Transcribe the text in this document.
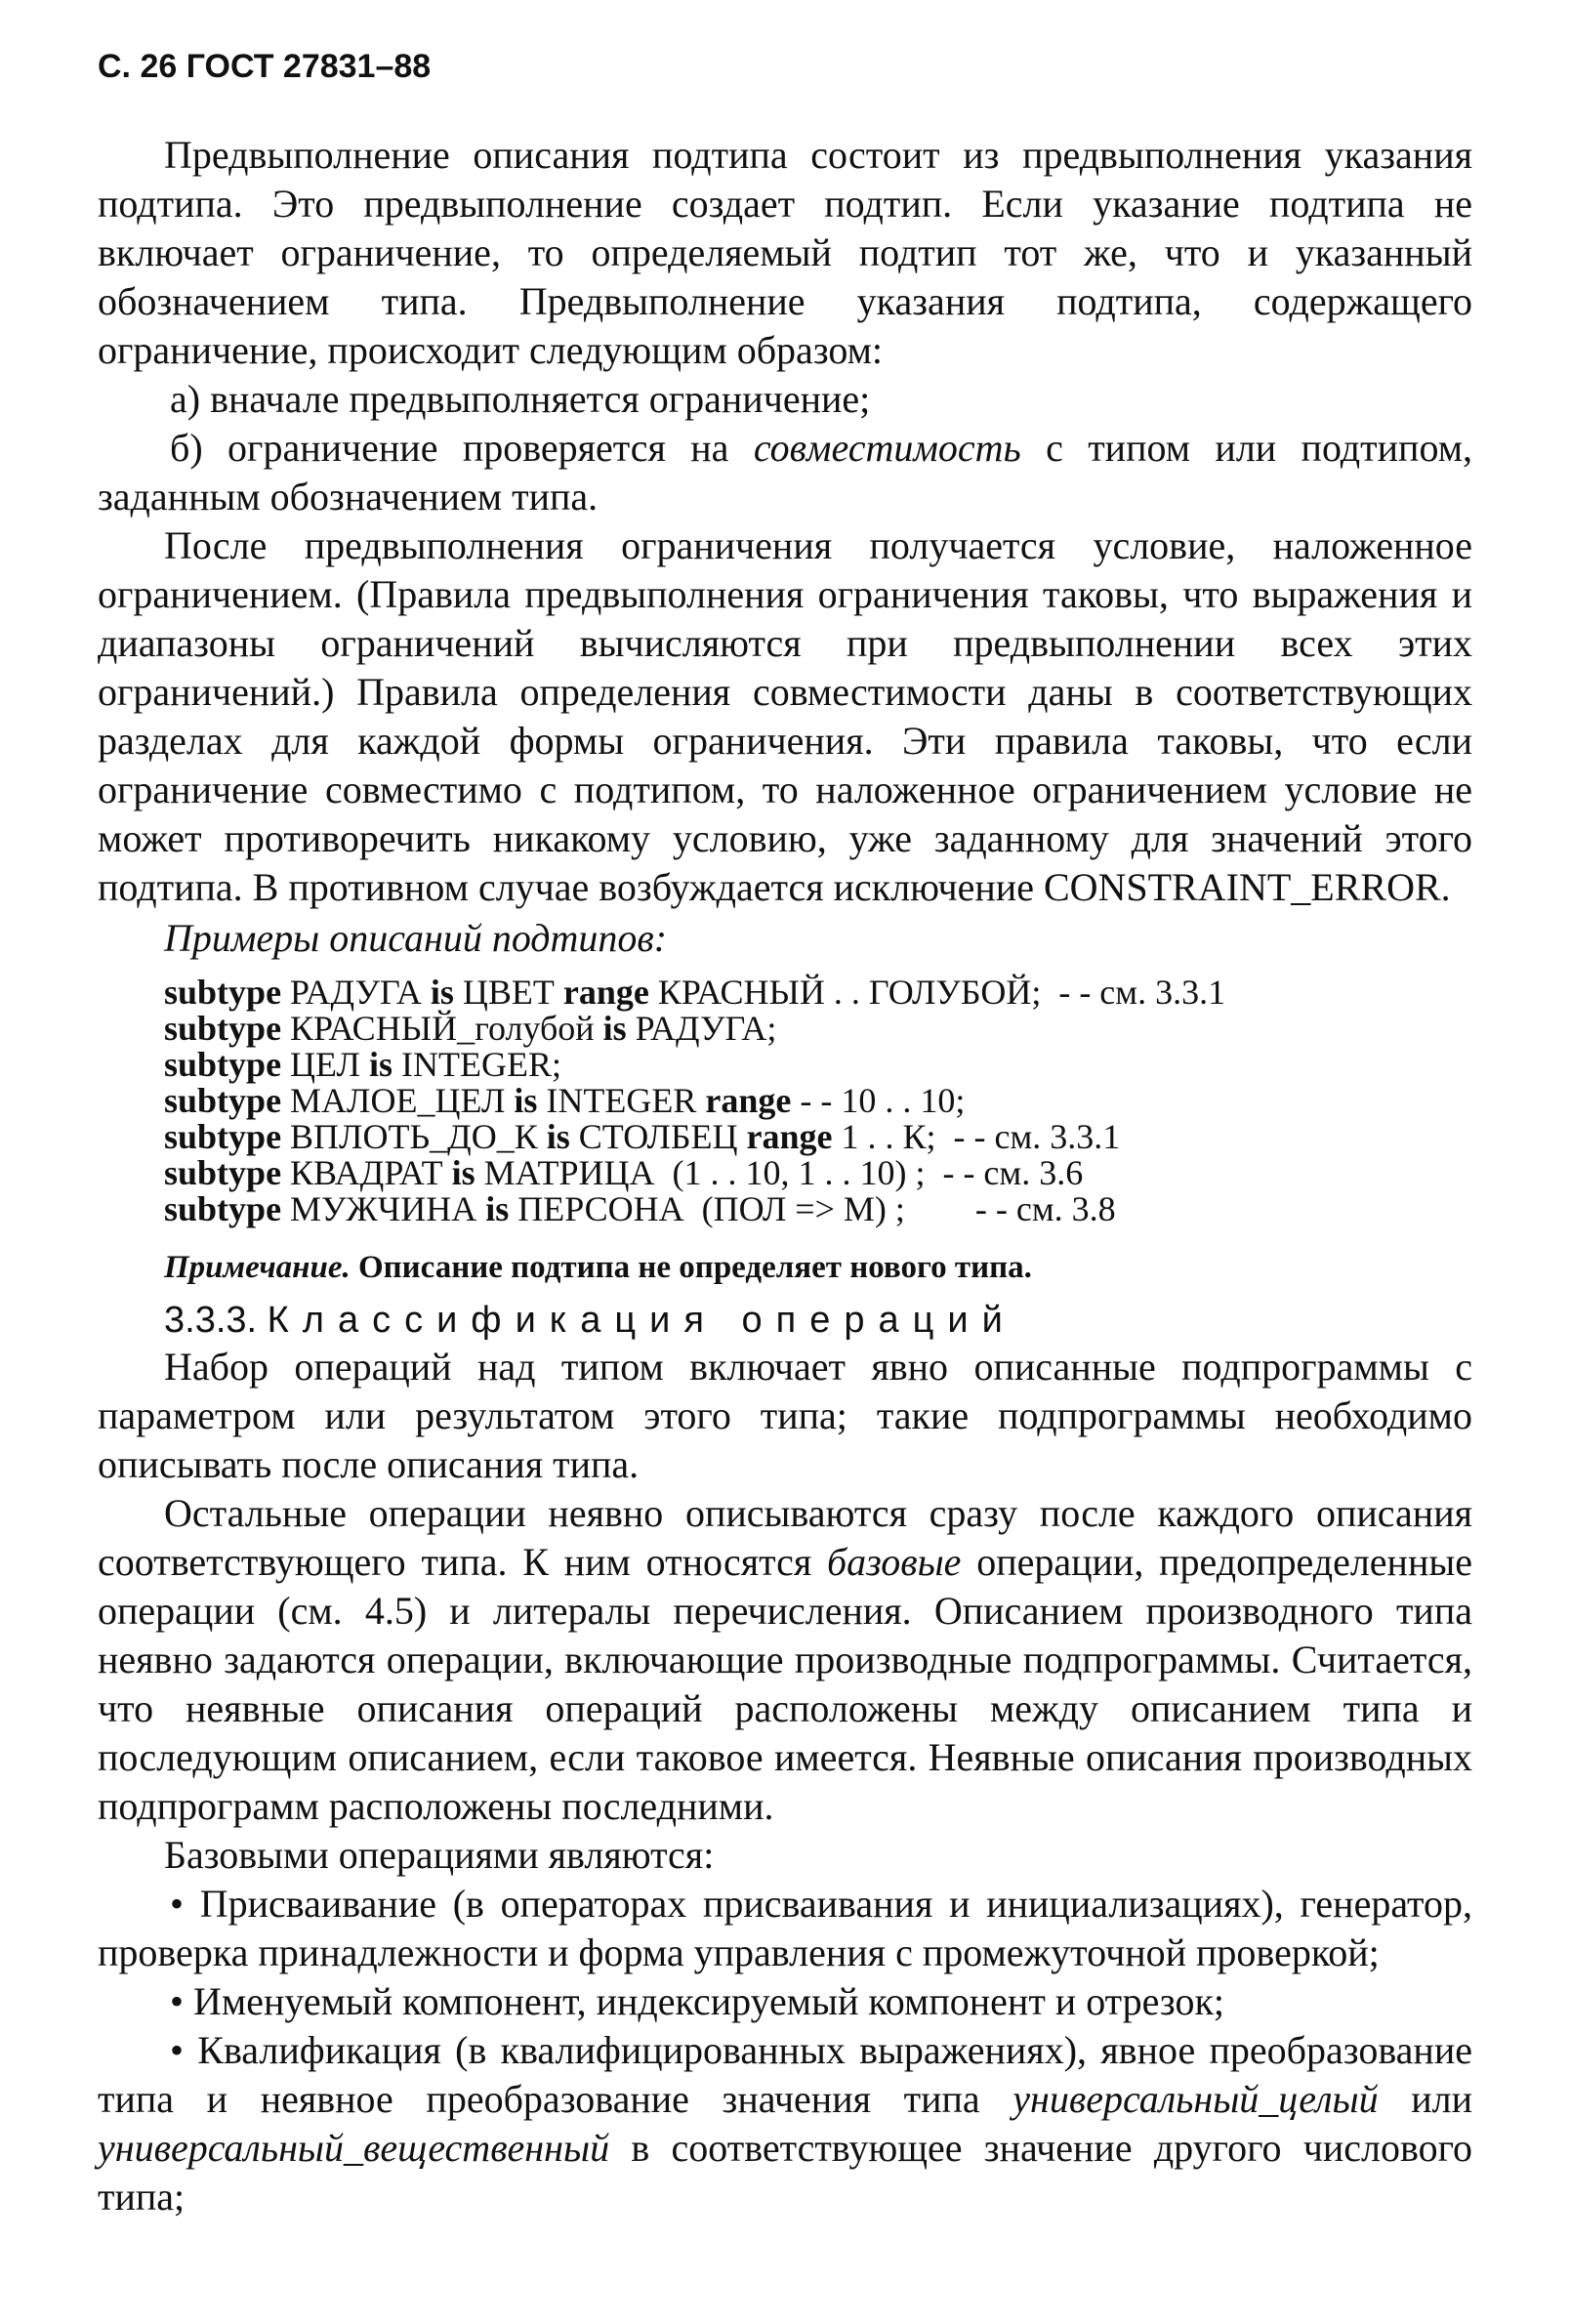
С. 26 ГОСТ 27831–88

Предвыполнение описания подтипа состоит из предвыполнения указания подтипа. Это предвыполнение создает подтип. Если указание подтипа не включает ограничение, то определяемый подтип тот же, что и указанный обозначением типа. Предвыполнение указания подтипа, содержащего ограничение, происходит следующим образом:

а) вначале предвыполняется ограничение;

б) ограничение проверяется на совместимость с типом или подтипом, заданным обозначением типа.

После предвыполнения ограничения получается условие, наложенное ограничением. (Правила предвыполнения ограничения таковы, что выражения и диапазоны ограничений вычисляются при предвыполнении всех этих ограничений.) Правила определения совместимости даны в соответствующих разделах для каждой формы ограничения. Эти правила таковы, что если ограничение совместимо с подтипом, то наложенное ограничением условие не может противоречить никакому условию, уже заданному для значений этого подтипа. В противном случае возбуждается исключение CONSTRAINT_ERROR.

Примеры описаний подтипов:

subtype РАДУГА is ЦВЕТ range КРАСНЫЙ . . ГОЛУБОЙ;  - - см. 3.3.1
subtype КРАСНЫЙ_голубой is РАДУГА;
subtype ЦЕЛ is INTEGER;
subtype МАЛОЕ_ЦЕЛ is INTEGER range - - 10 . . 10;
subtype ВПЛОТЬ_ДО_К is СТОЛБЕЦ range 1 . . К;  - - см. 3.3.1
subtype КВАДРАТ is МАТРИЦА  (1 . . 10, 1 . . 10) ;  - - см. 3.6
subtype МУЖЧИНА is ПЕРСОНА  (ПОЛ => М) ;        - - см. 3.8

Примечание. Описание подтипа не определяет нового типа.

3.3.3. Классификация операций

Набор операций над типом включает явно описанные подпрограммы с параметром или результатом этого типа; такие подпрограммы необходимо описывать после описания типа.

Остальные операции неявно описываются сразу после каждого описания соответствующего типа. К ним относятся базовые операции, предопределенные операции (см. 4.5) и литералы перечисления. Описанием производного типа неявно задаются операции, включающие производные подпрограммы. Считается, что неявные описания операций расположены между описанием типа и последующим описанием, если таковое имеется. Неявные описания производных подпрограмм расположены последними.

Базовыми операциями являются:

• Присваивание (в операторах присваивания и инициализациях), генератор, проверка принадлежности и форма управления с промежуточной проверкой;

• Именуемый компонент, индексируемый компонент и отрезок;

• Квалификация (в квалифицированных выражениях), явное преобразование типа и неявное преобразование значения типа универсальный_целый или универсальный_вещественный в соответствующее значение другого числового типа;
